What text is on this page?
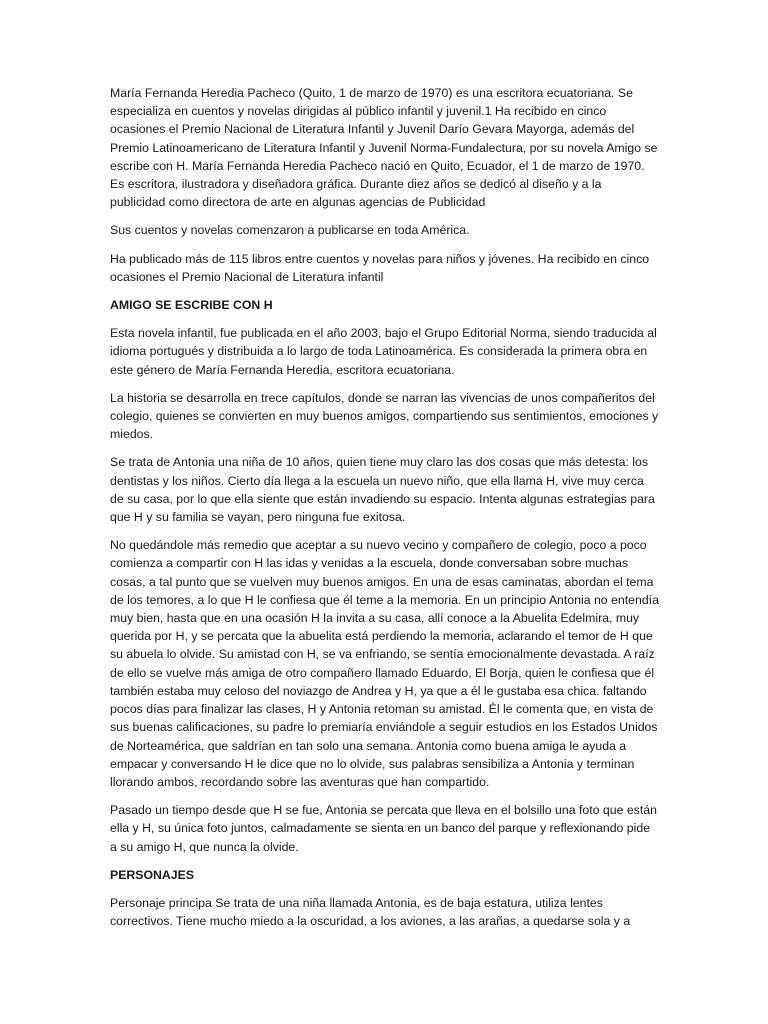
María Fernanda Heredia Pacheco (Quito, 1 de marzo de 1970) es una escritora ecuatoriana. Se especializa en cuentos y novelas dirigidas al público infantil y juvenil.1 Ha recibido en cinco ocasiones el Premio Nacional de Literatura Infantil y Juvenil Darío Gevara Mayorga, además del Premio Latinoamericano de Literatura Infantil y Juvenil Norma-Fundalectura, por su novela Amigo se escribe con H. María Fernanda Heredia Pacheco nació en Quito, Ecuador, el 1 de marzo de 1970. Es escritora, ilustradora y diseñadora gráfica. Durante diez años se dedicó al diseño y a la publicidad como directora de arte en algunas agencias de Publicidad

Sus cuentos y novelas comenzaron a publicarse en toda América.

Ha publicado más de 115 libros entre cuentos y novelas para niños y jóvenes. Ha recibido en cinco ocasiones el Premio Nacional de Literatura infantil

AMIGO SE ESCRIBE CON H

Esta novela infantil, fue publicada en el año 2003, bajo el Grupo Editorial Norma, siendo traducida al idioma portugués y distribuida a lo largo de toda Latinoamérica. Es considerada la primera obra en este género de María Fernanda Heredia, escritora ecuatoriana.

La historia se desarrolla en trece capítulos, donde se narran las vivencias de unos compañeritos del colegio, quienes se convierten en muy buenos amigos, compartiendo sus sentimientos, emociones y miedos.

Se trata de Antonia una niña de 10 años, quien tiene muy claro las dos cosas que más detesta: los dentistas y los niños. Cierto día llega a la escuela un nuevo niño, que ella llama H, vive muy cerca de su casa, por lo que ella siente que están invadiendo su espacio. Intenta algunas estrategias para que H y su familia se vayan, pero ninguna fue exitosa.

No quedándole más remedio que aceptar a su nuevo vecino y compañero de colegio, poco a poco comienza a compartir con H las idas y venidas a la escuela, donde conversaban sobre muchas cosas, a tal punto que se vuelven muy buenos amigos. En una de esas caminatas, abordan el tema de los temores, a lo que H le confiesa que él teme a la memoria. En un principio Antonia no entendía muy bien, hasta que en una ocasión H la invita a su casa, allí conoce a la Abuelita Edelmira, muy querida por H, y se percata que la abuelita está perdiendo la memoria, aclarando el temor de H que su abuela lo olvide. Su amistad con H, se va enfriando, se sentía emocionalmente devastada. A raíz de ello se vuelve más amiga de otro compañero llamado Eduardo, El Borja, quien le confiesa que él también estaba muy celoso del noviazgo de Andrea y H, ya que a él le gustaba esa chica. faltando pocos días para finalizar las clases, H y Antonia retoman su amistad. Él le comenta que, en vista de sus buenas calificaciones, su padre lo premiaría enviándole a seguir estudios en los Estados Unidos de Norteamérica, que saldrían en tan solo una semana. Antonia como buena amiga le ayuda a empacar y conversando H le dice que no lo olvide, sus palabras sensibiliza a Antonia y terminan llorando ambos, recordando sobre las aventuras que han compartido.

Pasado un tiempo desde que H se fue, Antonia se percata que lleva en el bolsillo una foto que están ella y H, su única foto juntos, calmadamente se sienta en un banco del parque y reflexionando pide a su amigo H, que nunca la olvide.

PERSONAJES

Personaje principa Se trata de una niña llamada Antonia, es de baja estatura, utiliza lentes correctivos. Tiene mucho miedo a la oscuridad, a los aviones, a las arañas, a quedarse sola y a
